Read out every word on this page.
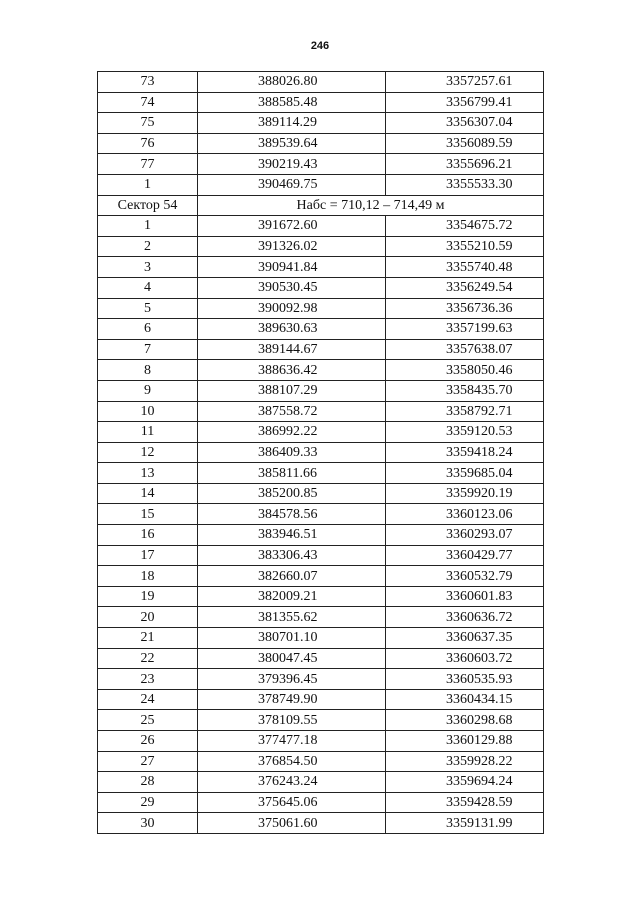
246
73	388026.80	3357257.61
74	388585.48	3356799.41
75	389114.29	3356307.04
76	389539.64	3356089.59
77	390219.43	3355696.21
1	390469.75	3355533.30
Сектор 54	Набс = 710,12 – 714,49 м	
1	391672.60	3354675.72
2	391326.02	3355210.59
3	390941.84	3355740.48
4	390530.45	3356249.54
5	390092.98	3356736.36
6	389630.63	3357199.63
7	389144.67	3357638.07
8	388636.42	3358050.46
9	388107.29	3358435.70
10	387558.72	3358792.71
11	386992.22	3359120.53
12	386409.33	3359418.24
13	385811.66	3359685.04
14	385200.85	3359920.19
15	384578.56	3360123.06
16	383946.51	3360293.07
17	383306.43	3360429.77
18	382660.07	3360532.79
19	382009.21	3360601.83
20	381355.62	3360636.72
21	380701.10	3360637.35
22	380047.45	3360603.72
23	379396.45	3360535.93
24	378749.90	3360434.15
25	378109.55	3360298.68
26	377477.18	3360129.88
27	376854.50	3359928.22
28	376243.24	3359694.24
29	375645.06	3359428.59
30	375061.60	3359131.99
